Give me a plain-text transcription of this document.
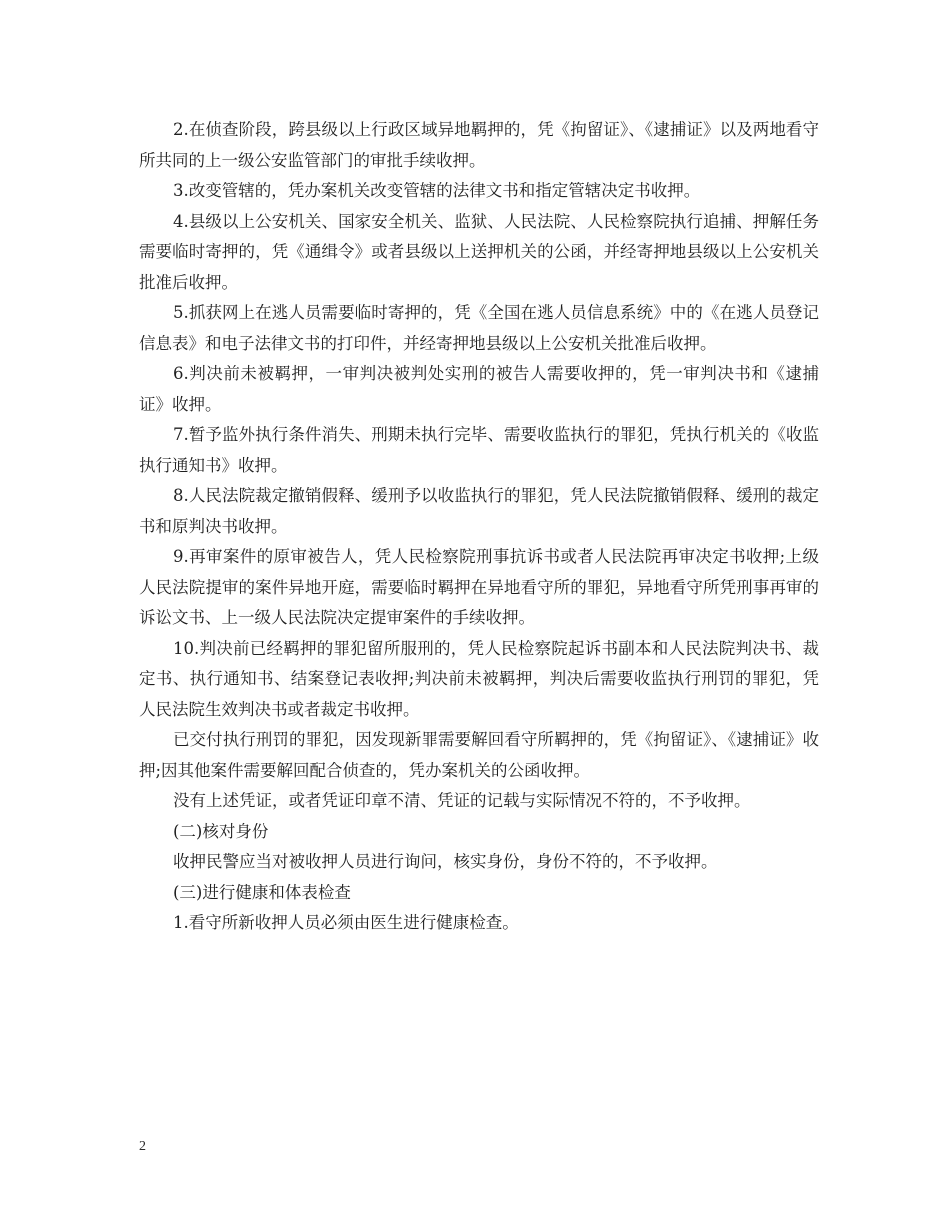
2.在侦查阶段，跨县级以上行政区域异地羁押的，凭《拘留证》、《逮捕证》以及两地看守所共同的上一级公安监管部门的审批手续收押。

3.改变管辖的，凭办案机关改变管辖的法律文书和指定管辖决定书收押。

4.县级以上公安机关、国家安全机关、监狱、人民法院、人民检察院执行追捕、押解任务需要临时寄押的，凭《通缉令》或者县级以上送押机关的公函，并经寄押地县级以上公安机关批准后收押。

5.抓获网上在逃人员需要临时寄押的，凭《全国在逃人员信息系统》中的《在逃人员登记信息表》和电子法律文书的打印件，并经寄押地县级以上公安机关批准后收押。

6.判决前未被羁押，一审判决被判处实刑的被告人需要收押的，凭一审判决书和《逮捕证》收押。

7.暂予监外执行条件消失、刑期未执行完毕、需要收监执行的罪犯，凭执行机关的《收监执行通知书》收押。

8.人民法院裁定撤销假释、缓刑予以收监执行的罪犯，凭人民法院撤销假释、缓刑的裁定书和原判决书收押。

9.再审案件的原审被告人，凭人民检察院刑事抗诉书或者人民法院再审决定书收押;上级人民法院提审的案件异地开庭，需要临时羁押在异地看守所的罪犯，异地看守所凭刑事再审的诉讼文书、上一级人民法院决定提审案件的手续收押。

10.判决前已经羁押的罪犯留所服刑的，凭人民检察院起诉书副本和人民法院判决书、裁定书、执行通知书、结案登记表收押;判决前未被羁押，判决后需要收监执行刑罚的罪犯，凭人民法院生效判决书或者裁定书收押。

已交付执行刑罚的罪犯，因发现新罪需要解回看守所羁押的，凭《拘留证》、《逮捕证》收押;因其他案件需要解回配合侦查的，凭办案机关的公函收押。

没有上述凭证，或者凭证印章不清、凭证的记载与实际情况不符的，不予收押。

(二)核对身份

收押民警应当对被收押人员进行询问，核实身份，身份不符的，不予收押。

(三)进行健康和体表检查

1.看守所新收押人员必须由医生进行健康检查。

2
